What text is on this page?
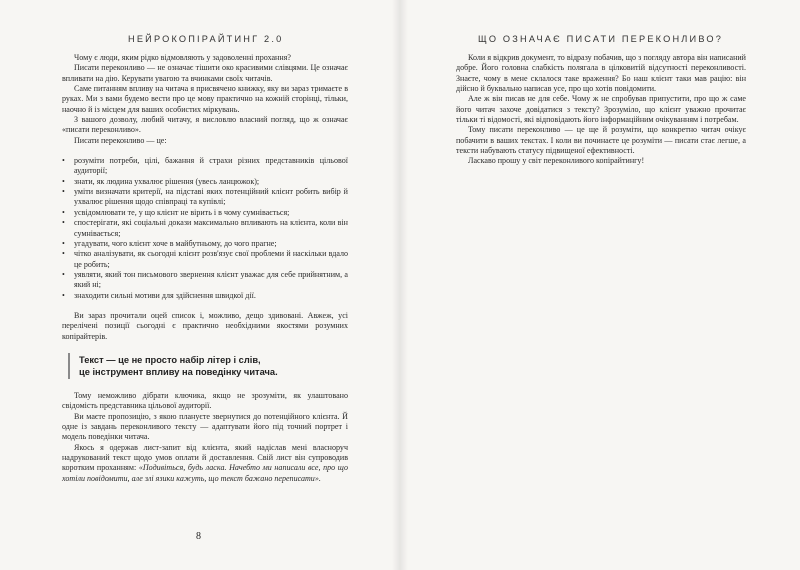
НЕЙРОКОПІРАЙТИНГ 2.0

Чому є люди, яким рідко відмовляють у задоволенні прохання?

Писати переконливо — не означає тішити око красивими слівцями. Це означає впливати на дію. Керувати увагою та вчинками своїх читачів.

Саме питанням впливу на читача я присвячено книжку, яку ви зараз тримаєте в руках. Ми з вами будемо вести про це мову практично на кожній сторінці, тільки, наочно й із місцем для ваших особистих міркувань.

З вашого дозволу, любий читачу, я висловлю власний погляд, що ж означає «писати переконливо».

Писати переконливо — це:

• розуміти потреби, цілі, бажання й страхи різних представників цільової аудиторії;
• знати, як людина ухвалює рішення (увесь ланцюжок);
• уміти визначати критерії, на підставі яких потенційний клієнт робить вибір й ухвалює рішення щодо співпраці та купівлі;
• усвідомлювати те, у що клієнт не вірить і в чому сумнівається;
• спостерігати, які соціальні докази максимально впливають на клієнта, коли він сумнівається;
• угадувати, чого клієнт хоче в майбутньому, до чого прагне;
• чітко аналізувати, як сьогодні клієнт розв'язує свої проблеми й наскільки вдало це робить;
• уявляти, який тон письмового звернення клієнт уважає для себе прийнятним, а який ні;
• знаходити сильні мотиви для здійснення швидкої дії.

Ви зараз прочитали оцей список і, можливо, дещо здивовані. Авжеж, усі перелічені позиції сьогодні є практично необхідними якостями розумних копірайтерів.

Текст — це не просто набір літер і слів,
це інструмент впливу на поведінку читача.

Тому неможливо дібрати ключика, якщо не зрозуміти, як улаштовано свідомість представника цільової аудиторії.

Ви маєте пропозицію, з якою плануєте звернутися до потенційного клієнта. Й одне із завдань переконливого тексту — адаптувати його під точний портрет і модель поведінки читача.

Якось я одержав лист-запит від клієнта, який надіслав мені власноруч надрукований текст щодо умов оплати й доставлення. Свій лист він супроводив коротким проханням: «Подивіться, будь ласка. Начебто ми написали все, про що хотіли повідомити, але злі язики кажуть, що текст бажано переписати».

8
ЩО ОЗНАЧАЄ ПИСАТИ ПЕРЕКОНЛИВО?

Коли я відкрив документ, то відразу побачив, що з погляду автора він написаний добре. Його головна слабкість полягала в цілковитій відсутності переконливості. Знаєте, чому в мене склалося таке враження? Бо наш клієнт таки мав рацію: він дійсно й буквально написав усе, про що хотів повідомити.

Але ж він писав не для себе. Чому ж не спробував припустити, про що ж саме його читач захоче довідатися з тексту? Зрозуміло, що клієнт уважно прочитає тільки ті відомості, які відповідають його інформаційним очікуванням і потребам.

Тому писати переконливо — це ще й розуміти, що конкретно читач очікує побачити в ваших текстах. І коли ви починаєте це розуміти — писати стає легше, а тексти набувають статусу підвищеної ефективності.

Ласкаво прошу у світ переконливого копірайтингу!
